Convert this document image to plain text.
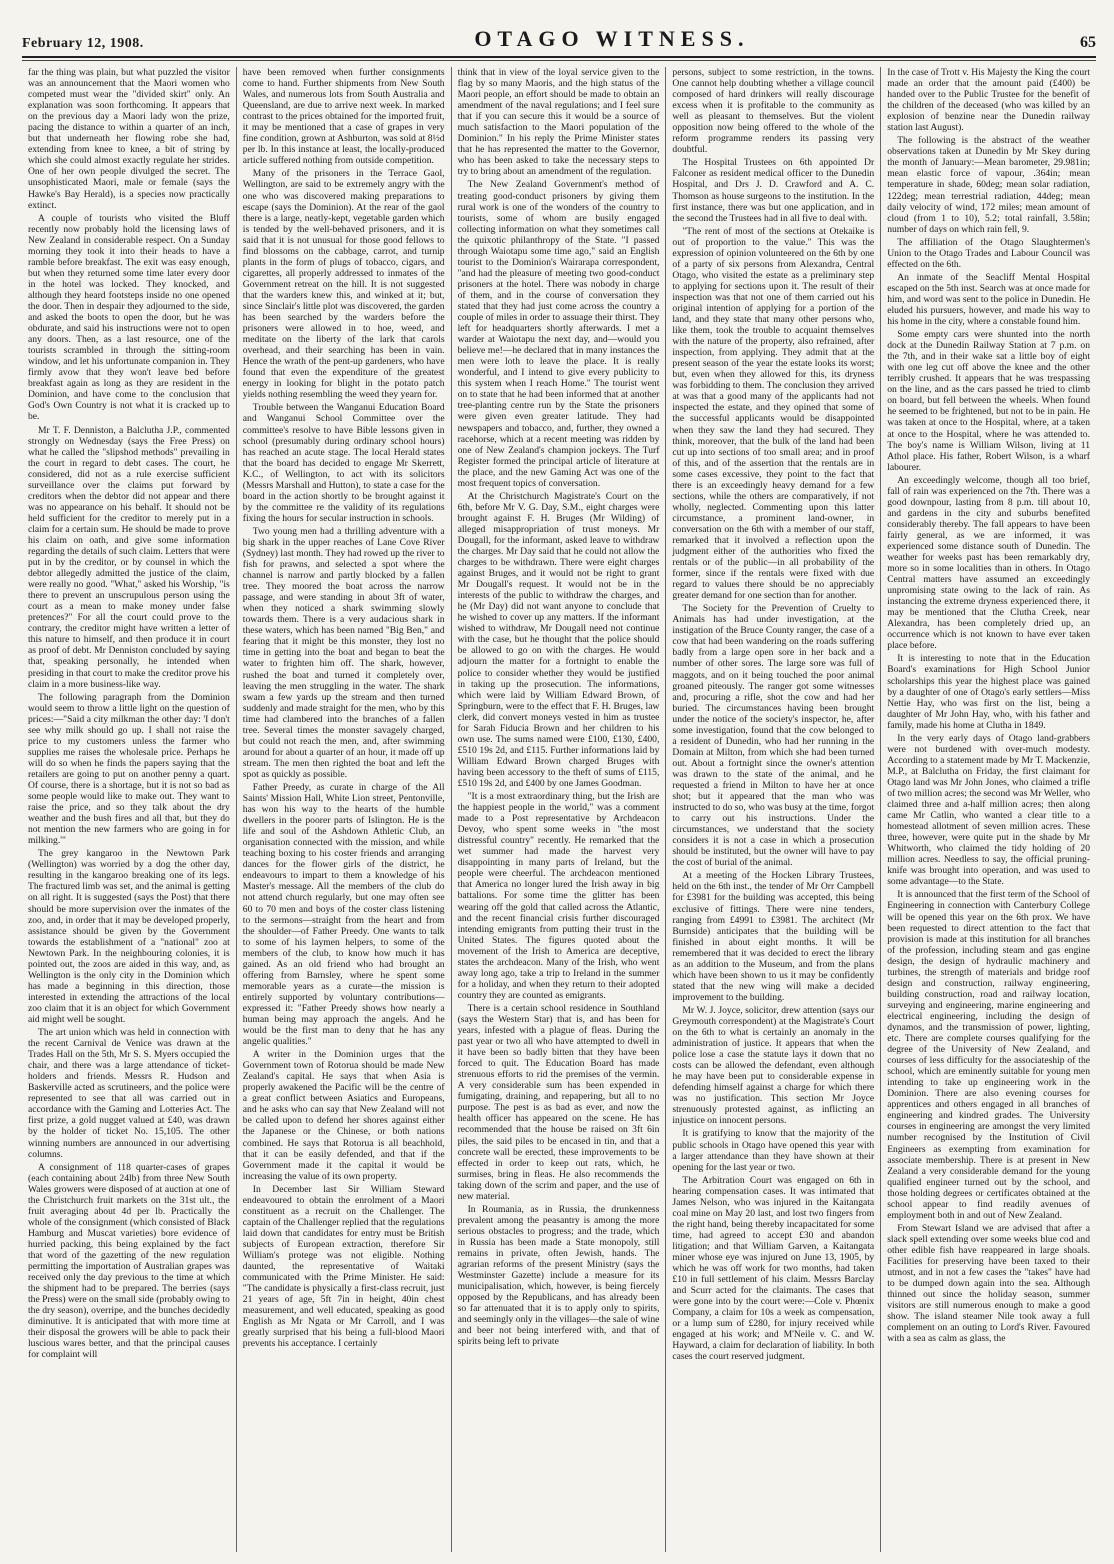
February 12, 1908.	OTAGO WITNESS.	65

far the thing was plain, but what puzzled the visitor was an announcement that the Maori women who competed must wear the "divided skirt" only. An explanation was soon forthcoming. It appears that on the previous day a Maori lady won the prize, pacing the distance to within a quarter of an inch, but that underneath her flowing robe she had, extending from knee to knee, a bit of string by which she could almost exactly regulate her strides. One of her own people divulged the secret. The unsophisticated Maori, male or female (says the Hawke's Bay Herald), is a species now practically extinct.

A couple of tourists who visited the Bluff recently now probably hold the licensing laws of New Zealand in considerable respect. On a Sunday morning they took it into their heads to have a ramble before breakfast. The exit was easy enough, but when they returned some time later every door in the hotel was locked. They knocked, and although they heard footsteps inside no one opened the door. Then in despair they adjourned to the side, and asked the boots to open the door, but he was obdurate, and said his instructions were not to open any doors. Then, as a last resource, one of the tourists scrambled in through the sitting-room window, and let his unfortunate companion in. They firmly avow that they won't leave bed before breakfast again as long as they are resident in the Dominion, and have come to the conclusion that God's Own Country is not what it is cracked up to be.

Mr T. F. Denniston, a Balclutha J.P., commented strongly on Wednesday (says the Free Press) on what he called the "slipshod methods" prevailing in the court in regard to debt cases. The court, he considered, did not as a rule exercise sufficient surveillance over the claims put forward by creditors when the debtor did not appear and there was no appearance on his behalf. It should not be held sufficient for the creditor to merely put in a claim for a certain sum. He should be made to prove his claim on oath, and give some information regarding the details of such claim. Letters that were put in by the creditor, or by counsel in which the debtor allegedly admitted the justice of the claim, were really no good. "What," asked his Worship, "is there to prevent an unscrupulous person using the court as a mean to make money under false pretences?" For all the court could prove to the contrary, the creditor might have written a letter of this nature to himself, and then produce it in court as proof of debt. Mr Denniston concluded by saying that, speaking personally, he intended when presiding in that court to make the creditor prove his claim in a more business-like way.

The following paragraph from the Dominion would seem to throw a little light on the question of prices:—"Said a city milkman the other day: 'I don't see why milk should go up. I shall not raise the price to my customers unless the farmer who supplies me raises the wholesale price. Perhaps he will do so when he finds the papers saying that the retailers are going to put on another penny a quart. Of course, there is a shortage, but it is not so bad as some people would like to make out. They want to raise the price, and so they talk about the dry weather and the bush fires and all that, but they do not mention the new farmers who are going in for milking.'"

The grey kangaroo in the Newtown Park (Wellington) was worried by a dog the other day, resulting in the kangaroo breaking one of its legs. The fractured limb was set, and the animal is getting on all right. It is suggested (says the Post) that there should be more supervision over the inmates of the zoo, and, in order that it may be developed properly, assistance should be given by the Government towards the establishment of a "national" zoo at Newtown Park. In the neighbouring colonies, it is pointed out, the zoos are aided in this way, and, as Wellington is the only city in the Dominion which has made a beginning in this direction, those interested in extending the attractions of the local zoo claim that it is an object for which Government aid might well be sought.

The art union which was held in connection with the recent Carnival de Venice was drawn at the Trades Hall on the 5th, Mr S. S. Myers occupied the chair, and there was a large attendance of ticket-holders and friends. Messrs R. Hudson and Baskerville acted as scrutineers, and the police were represented to see that all was carried out in accordance with the Gaming and Lotteries Act. The first prize, a gold nugget valued at £40, was drawn by the holder of ticket No. 15,105. The other winning numbers are announced in our advertising columns.

A consignment of 118 quarter-cases of grapes (each containing about 24lb) from three New South Wales growers were disposed of at auction at one of the Christchurch fruit markets on the 31st ult., the fruit averaging about 4d per lb. Practically the whole of the consignment (which consisted of Black Hamburg and Muscat varieties) bore evidence of hurried packing, this being explained by the fact that word of the gazetting of the new regulation permitting the importation of Australian grapes was received only the day previous to the time at which the shipment had to be prepared. The berries (says the Press) were on the small side (probably owing to the dry season), overripe, and the bunches decidedly diminutive. It is anticipated that with more time at their disposal the growers will be able to pack their luscious wares better, and that the principal causes for complaint will

have been removed when further consignments come to hand. Further shipments from New South Wales, and numerous lots from South Australia and Queensland, are due to arrive next week. In marked contrast to the prices obtained for the imported fruit, it may be mentioned that a case of grapes in very fine condition, grown at Ashburton, was sold at 8½d per lb. In this instance at least, the locally-produced article suffered nothing from outside competition.

Many of the prisoners in the Terrace Gaol, Wellington, are said to be extremely angry with the one who was discovered making preparations to escape (says the Dominion). At the rear of the gaol there is a large, neatly-kept, vegetable garden which is tended by the well-behaved prisoners, and it is said that it is not unusual for those good fellows to find blossoms on the cabbage, carrot, and turnip plants in the form of plugs of tobacco, cigars, and cigarettes, all properly addressed to inmates of the Government retreat on the hill. It is not suggested that the warders knew this, and winked at it; but, since Sinclair's little plot was discovered, the garden has been searched by the warders before the prisoners were allowed in to hoe, weed, and meditate on the liberty of the lark that carols overhead, and their searching has been in vain. Hence the wrath of the pent-up gardeners, who have found that even the expenditure of the greatest energy in looking for blight in the potato patch yields nothing resembling the weed they yearn for.

Trouble between the Wanganui Education Board and Wanganui School Committee over the committee's resolve to have Bible lessons given in school (presumably during ordinary school hours) has reached an acute stage. The local Herald states that the board has decided to engage Mr Skerrett, K.C., of Wellington, to act with its solicitors (Messrs Marshall and Hutton), to state a case for the board in the action shortly to be brought against it by the committee re the validity of its regulations fixing the hours for secular instruction in schools.

Two young men had a thrilling adventure with a big shark in the upper reaches of Lane Cove River (Sydney) last month. They had rowed up the river to fish for prawns, and selected a spot where the channel is narrow and partly blocked by a fallen tree. They moored the boat across the narrow passage, and were standing in about 3ft of water, when they noticed a shark swimming slowly towards them. There is a very audacious shark in these waters, which has been named "Big Ben," and fearing that it might be this monster, they lost no time in getting into the boat and began to beat the water to frighten him off. The shark, however, rushed the boat and turned it completely over, leaving the men struggling in the water. The shark swam a few yards up the stream and then turned suddenly and made straight for the men, who by this time had clambered into the branches of a fallen tree. Several times the monster savagely charged, but could not reach the men, and, after swimming around for about a quarter of an hour, it made off up stream. The men then righted the boat and left the spot as quickly as possible.

Father Preedy, as curate in charge of the All Saints' Mission Hall, White Lion street, Pentonville, has won his way to the hearts of the humble dwellers in the poorer parts of Islington. He is the life and soul of the Ashdown Athletic Club, an organisation connected with the mission, and while teaching boxing to his coster friends and arranging dances for the flower girls of the district, he endeavours to impart to them a knowledge of his Master's message. All the members of the club do not attend church regularly, but one may often see 60 to 70 men and boys of the coster class listening to the sermons—straight from the heart and from the shoulder—of Father Preedy. One wants to talk to some of his laymen helpers, to some of the members of the club, to know how much it has gained. As an old friend who had brought an offering from Barnsley, where he spent some memorable years as a curate—the mission is entirely supported by voluntary contributions—expressed it: "Father Preedy shows how nearly a human being may approach the angels. And he would be the first man to deny that he has any angelic qualities."

A writer in the Dominion urges that the Government town of Rotorua should be made New Zealand's capital. He says that when Asia is properly awakened the Pacific will be the centre of a great conflict between Asiatics and Europeans, and he asks who can say that New Zealand will not be called upon to defend her shores against either the Japanese or the Chinese, or both nations combined. He says that Rotorua is all beachhold, that it can be easily defended, and that if the Government made it the capital it would be increasing the value of its own property.

In December last Sir William Steward endeavoured to obtain the enrolment of a Maori constituent as a recruit on the Challenger. The captain of the Challenger replied that the regulations laid down that candidates for entry must be British subjects of European extraction, therefore Sir William's protege was not eligible. Nothing daunted, the representative of Waitaki communicated with the Prime Minister. He said: "The candidate is physically a first-class recruit, just 21 years of age, 5ft 7in in height, 40in chest measurement, and well educated, speaking as good English as Mr Ngata or Mr Carroll, and I was greatly surprised that his being a full-blood Maori prevents his acceptance. I certainly

think that in view of the loyal service given to the flag by so many Maoris, and the high status of the Maori people, an effort should be made to obtain an amendment of the naval regulations; and I feel sure that if you can secure this it would be a source of much satisfaction to the Maori population of the Dominion." In his reply the Prime Minister states that he has represented the matter to the Governor, who has been asked to take the necessary steps to try to bring about an amendment of the regulation.

The New Zealand Government's method of treating good-conduct prisoners by giving them rural work is one of the wonders of the country to tourists, some of whom are busily engaged collecting information on what they sometimes call the quixotic philanthropy of the State. "I passed through Waiotapu some time ago," said an English tourist to the Dominion's Wairarapa correspondent, "and had the pleasure of meeting two good-conduct prisoners at the hotel. There was nobody in charge of them, and in the course of conversation they stated that they had just come across the country a couple of miles in order to assuage their thirst. They left for headquarters shortly afterwards. I met a warder at Waiotapu the next day, and—would you believe me!—he declared that in many instances the men were loth to leave the place. It is really wonderful, and I intend to give every publicity to this system when I reach Home." The tourist went on to state that he had been informed that at another tree-planting centre run by the State the prisoners were given even greater latitude. They had newspapers and tobacco, and, further, they owned a racehorse, which at a recent meeting was ridden by one of New Zealand's champion jockeys. The Turf Register formed the principal article of literature at the place, and the new Gaming Act was one of the most frequent topics of conversation.

At the Christchurch Magistrate's Court on the 6th, before Mr V. G. Day, S.M., eight charges were brought against F. H. Bruges (Mr Wilding) of alleged misappropriation of trust moneys. Mr Dougall, for the informant, asked leave to withdraw the charges. Mr Day said that he could not allow the charges to be withdrawn. There were eight charges against Bruges, and it would not be right to grant Mr Dougall's request. It would not be in the interests of the public to withdraw the charges, and he (Mr Day) did not want anyone to conclude that he wished to cover up any matters. If the informant wished to withdraw, Mr Dougall need not continue with the case, but he thought that the police should be allowed to go on with the charges. He would adjourn the matter for a fortnight to enable the police to consider whether they would be justified in taking up the prosecution. The informations, which were laid by William Edward Brown, of Springburn, were to the effect that F. H. Bruges, law clerk, did convert moneys vested in him as trustee for Sarah Fiducia Brown and her children to his own use. The sums named were £100, £130, £400, £510 19s 2d, and £115. Further informations laid by William Edward Brown charged Bruges with having been accessory to the theft of sums of £115, £510 19s 2d, and £400 by one James Goodman.

"It is a most extraordinary thing, but the Irish are the happiest people in the world," was a comment made to a Post representative by Archdeacon Devoy, who spent some weeks in "the most distressful country" recently. He remarked that the wet summer had made the harvest very disappointing in many parts of Ireland, but the people were cheerful. The archdeacon mentioned that America no longer lured the Irish away in big battalions. For some time the glitter has been wearing off the gold that called across the Atlantic, and the recent financial crisis further discouraged intending emigrants from putting their trust in the United States. The figures quoted about the movement of the Irish to America are deceptive, states the archdeacon. Many of the Irish, who went away long ago, take a trip to Ireland in the summer for a holiday, and when they return to their adopted country they are counted as emigrants.

There is a certain school residence in Southland (says the Western Star) that is, and has been for years, infested with a plague of fleas. During the past year or two all who have attempted to dwell in it have been so badly bitten that they have been forced to quit. The Education Board has made strenuous efforts to rid the premises of the vermin. A very considerable sum has been expended in fumigating, draining, and repapering, but all to no purpose. The pest is as bad as ever, and now the health officer has appeared on the scene. He has recommended that the house be raised on 3ft 6in piles, the said piles to be encased in tin, and that a concrete wall be erected, these improvements to be effected in order to keep out rats, which, he surmises, bring in fleas. He also recommends the taking down of the scrim and paper, and the use of new material.

In Roumania, as in Russia, the drunkenness prevalent among the peasantry is among the more serious obstacles to progress; and the trade, which in Russia has been made a State monopoly, still remains in private, often Jewish, hands. The agrarian reforms of the present Ministry (says the Westminster Gazette) include a measure for its municipalisation, which, however, is being fiercely opposed by the Republicans, and has already been so far attenuated that it is to apply only to spirits, and seemingly only in the villages—the sale of wine and beer not being interfered with, and that of spirits being left to private

persons, subject to some restriction, in the towns. One cannot help doubting whether a village council composed of hard drinkers will really discourage excess when it is profitable to the community as well as pleasant to themselves. But the violent opposition now being offered to the whole of the reform programme renders its passing very doubtful.

The Hospital Trustees on 6th appointed Dr Falconer as resident medical officer to the Dunedin Hospital, and Drs J. D. Crawford and A. C. Thomson as house surgeons to the institution. In the first instance, there was but one application, and in the second the Trustees had in all five to deal with.

"The rent of most of the sections at Otekaike is out of proportion to the value." This was the expression of opinion volunteered on the 6th by one of a party of six persons from Alexandra, Central Otago, who visited the estate as a preliminary step to applying for sections upon it. The result of their inspection was that not one of them carried out his original intention of applying for a portion of the land, and they state that many other persons who, like them, took the trouble to acquaint themselves with the nature of the property, also refrained, after inspection, from applying. They admit that at the present season of the year the estate looks its worst; but, even when they allowed for this, its dryness was forbidding to them. The conclusion they arrived at was that a good many of the applicants had not inspected the estate, and they opined that some of the successful applicants would be disappointed when they saw the land they had secured. They think, moreover, that the bulk of the land had been cut up into sections of too small area; and in proof of this, and of the assertion that the rentals are in some cases excessive, they point to the fact that there is an exceedingly heavy demand for a few sections, while the others are comparatively, if not wholly, neglected. Commenting upon this latter circumstance, a prominent land-owner, in conversation on the 6th with a member of our staff, remarked that it involved a reflection upon the judgment either of the authorities who fixed the rentals or of the public—in all probability of the former, since if the rentals were fixed with due regard to values there should be no appreciably greater demand for one section than for another.

The Society for the Prevention of Cruelty to Animals has had under investigation, at the instigation of the Bruce County ranger, the case of a cow that had been wandering on the roads suffering badly from a large open sore in her back and a number of other sores. The large sore was full of maggots, and on it being touched the poor animal groaned piteously. The ranger got some witnesses and, procuring a rifle, shot the cow and had her buried. The circumstances having been brought under the notice of the society's inspector, he, after some investigation, found that the cow belonged to a resident of Dunedin, who had her running in the Domain at Milton, from which she had been turned out. About a fortnight since the owner's attention was drawn to the state of the animal, and he requested a friend in Milton to have her at once shot; but it appeared that the man who was instructed to do so, who was busy at the time, forgot to carry out his instructions. Under the circumstances, we understand that the society considers it is not a case in which a prosecution should be instituted, but the owner will have to pay the cost of burial of the animal.

At a meeting of the Hocken Library Trustees, held on the 6th inst., the tender of Mr Orr Campbell for £3981 for the building was accepted, this being exclusive of fittings. There were nine tenders, ranging from £4991 to £3981. The architect (Mr Burnside) anticipates that the building will be finished in about eight months. It will be remembered that it was decided to erect the library as an addition to the Museum, and from the plans which have been shown to us it may be confidently stated that the new wing will make a decided improvement to the building.

Mr W. J. Joyce, solicitor, drew attention (says our Greymouth correspondent) at the Magistrate's Court on the 6th to what is certainly an anomaly in the administration of justice. It appears that when the police lose a case the statute lays it down that no costs can be allowed the defendant, even although he may have been put to considerable expense in defending himself against a charge for which there was no justification. This section Mr Joyce strenuously protested against, as inflicting an injustice on innocent persons.

It is gratifying to know that the majority of the public schools in Otago have opened this year with a larger attendance than they have shown at their opening for the last year or two.

The Arbitration Court was engaged on 6th in hearing compensation cases. It was intimated that James Nelson, who was injured in the Kaitangata coal mine on May 20 last, and lost two fingers from the right hand, being thereby incapacitated for some time, had agreed to accept £30 and abandon litigation; and that William Garven, a Kaitangata miner whose eye was injured on June 13, 1905, by which he was off work for two months, had taken £10 in full settlement of his claim. Messrs Barclay and Scurr acted for the claimants. The cases that were gone into by the court were:—Cole v. Phœnix Company, a claim for 10s a week as compensation, or a lump sum of £280, for injury received while engaged at his work; and M'Neile v. C. and W. Hayward, a claim for declaration of liability. In both cases the court reserved judgment.

In the case of Trott v. His Majesty the King the court made an order that the amount paid (£400) be handed over to the Public Trustee for the benefit of the children of the deceased (who was killed by an explosion of benzine near the Dunedin railway station last August).

The following is the abstract of the weather observations taken at Dunedin by Mr Skey during the month of January:—Mean barometer, 29.981in; mean elastic force of vapour, .364in; mean temperature in shade, 60deg; mean solar radiation, 122deg; mean terrestrial radiation, 44deg; mean daily velocity of wind, 172 miles; mean amount of cloud (from 1 to 10), 5.2; total rainfall, 3.58in; number of days on which rain fell, 9.

The affiliation of the Otago Slaughtermen's Union to the Otago Trades and Labour Council was effected on the 6th.

An inmate of the Seacliff Mental Hospital escaped on the 5th inst. Search was at once made for him, and word was sent to the police in Dunedin. He eluded his pursuers, however, and made his way to his home in the city, where a constable found him.

Some empty cars were shunted into the north dock at the Dunedin Railway Station at 7 p.m. on the 7th, and in their wake sat a little boy of eight with one leg cut off above the knee and the other terribly crushed. It appears that he was trespassing on the line, and as the cars passed he tried to climb on board, but fell between the wheels. When found he seemed to be frightened, but not to be in pain. He was taken at once to the Hospital, where, at a taken at once to the Hospital, where he was attended to. The boy's name is William Wilson, living at 11 Athol place. His father, Robert Wilson, is a wharf labourer.

An exceedingly welcome, though all too brief, fall of rain was experienced on the 7th. There was a good downpour, lasting from 8 p.m. till about 10, and gardens in the city and suburbs benefited considerably thereby. The fall appears to have been fairly general, as we are informed, it was experienced some distance south of Dunedin. The weather for weeks past has been remarkably dry, more so in some localities than in others. In Otago Central matters have assumed an exceedingly unpromising state owing to the lack of rain. As instancing the extreme dryness experienced there, it may be mentioned that the Clutha Creek, near Alexandra, has been completely dried up, an occurrence which is not known to have ever taken place before.

It is interesting to note that in the Education Board's examinations for High School Junior scholarships this year the highest place was gained by a daughter of one of Otago's early settlers—Miss Nettie Hay, who was first on the list, being a daughter of Mr John Hay, who, with his father and family, made his home at Clutha in 1849.

In the very early days of Otago land-grabbers were not burdened with over-much modesty. According to a statement made by Mr T. Mackenzie, M.P., at Balclutha on Friday, the first claimant for Otago land was Mr John Jones, who claimed a trifle of two million acres; the second was Mr Weller, who claimed three and a-half million acres; then along came Mr Catlin, who wanted a clear title to a homestead allotment of seven million acres. These three, however, were quite put in the shade by Mr Whitworth, who claimed the tidy holding of 20 million acres. Needless to say, the official pruning-knife was brought into operation, and was used to some advantage—to the State.

It is announced that the first term of the School of Engineering in connection with Canterbury College will be opened this year on the 6th prox. We have been requested to direct attention to the fact that provision is made at this institution for all branches of the profession, including steam and gas engine design, the design of hydraulic machinery and turbines, the strength of materials and bridge roof design and construction, railway engineering, building construction, road and railway location, surveying and engineering, marine engineering and electrical engineering, including the design of dynamos, and the transmission of power, lighting, etc. There are complete courses qualifying for the degree of the University of New Zealand, and courses of less difficulty for the associateship of the school, which are eminently suitable for young men intending to take up engineering work in the Dominion. There are also evening courses for apprentices and others engaged in all branches of engineering and kindred grades. The University courses in engineering are amongst the very limited number recognised by the Institution of Civil Engineers as exempting from examination for associate membership. There is at present in New Zealand a very considerable demand for the young qualified engineer turned out by the school, and those holding degrees or certificates obtained at the school appear to find readily avenues of employment both in and out of New Zealand.

From Stewart Island we are advised that after a slack spell extending over some weeks blue cod and other edible fish have reappeared in large shoals. Facilities for preserving have been taxed to their utmost, and in not a few cases the "takes" have had to be dumped down again into the sea. Although thinned out since the holiday season, summer visitors are still numerous enough to make a good show. The island steamer Nile took away a full complement on an outing to Lord's River. Favoured with a sea as calm as glass, the
